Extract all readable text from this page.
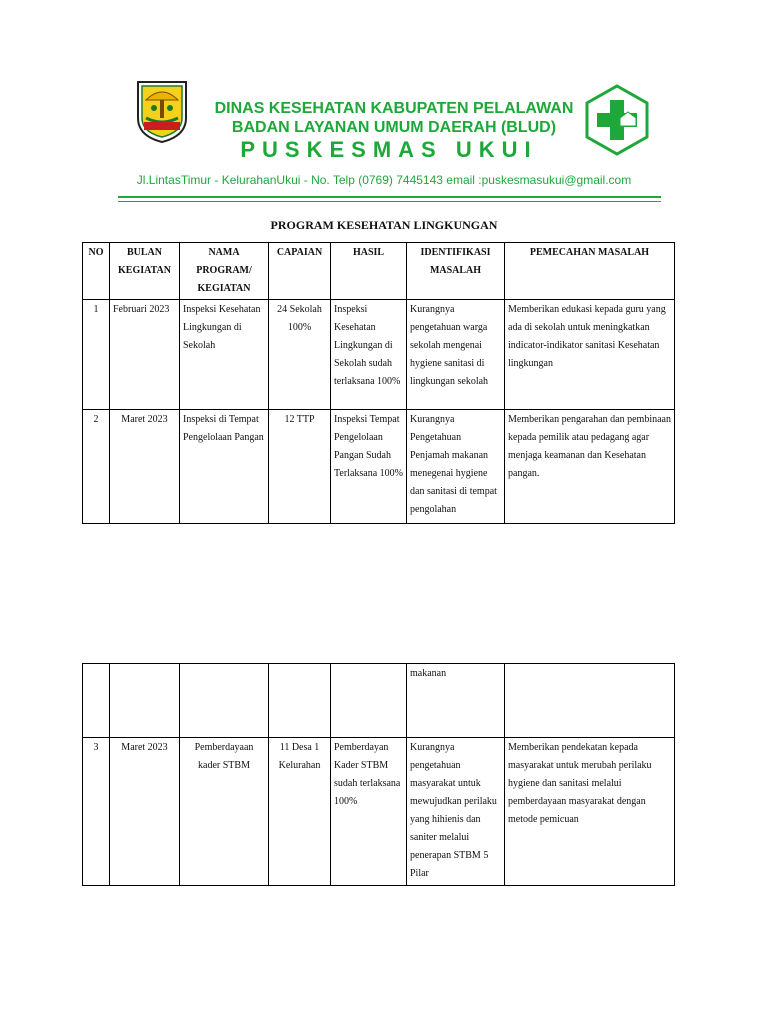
DINAS KESEHATAN KABUPATEN PELALAWAN
BADAN LAYANAN UMUM DAERAH (BLUD)
PUSKESMAS UKUI
Jl.LintasTimur - KelurahanUkui - No. Telp (0769) 7445143 email :puskesmasukui@gmail.com
PROGRAM KESEHATAN LINGKUNGAN
NO	BULAN KEGIATAN	NAMA PROGRAM/ KEGIATAN	CAPAIAN	HASIL	IDENTIFIKASI MASALAH	PEMECAHAN MASALAH
1	Februari 2023	Inspeksi Kesehatan Lingkungan di Sekolah	24 Sekolah 100%	Inspeksi Kesehatan Lingkungan di Sekolah sudah terlaksana 100%	Kurangnya pengetahuan warga sekolah mengenai hygiene sanitasi di lingkungan sekolah	Memberikan edukasi kepada guru yang ada di sekolah untuk meningkatkan indicator-indikator sanitasi Kesehatan lingkungan
2	Maret 2023	Inspeksi di Tempat Pengelolaan Pangan	12 TTP	Inspeksi Tempat Pengelolaan Pangan Sudah Terlaksana 100%	Kurangnya Pengetahuan Penjamah makanan menegenai hygiene dan sanitasi di tempat pengolahan	Memberikan pengarahan dan pembinaan kepada pemilik atau pedagang agar menjaga keamanan dan Kesehatan pangan.
					makanan	
3	Maret 2023	Pemberdayaan kader STBM	11 Desa 1 Kelurahan	Pemberdayan Kader STBM sudah terlaksana 100%	Kurangnya pengetahuan masyarakat untuk mewujudkan perilaku yang hihienis dan saniter melalui penerapan STBM 5 Pilar	Memberikan pendekatan kepada masyarakat untuk merubah perilaku hygiene dan sanitasi melalui pemberdayaan masyarakat dengan metode pemicuan
